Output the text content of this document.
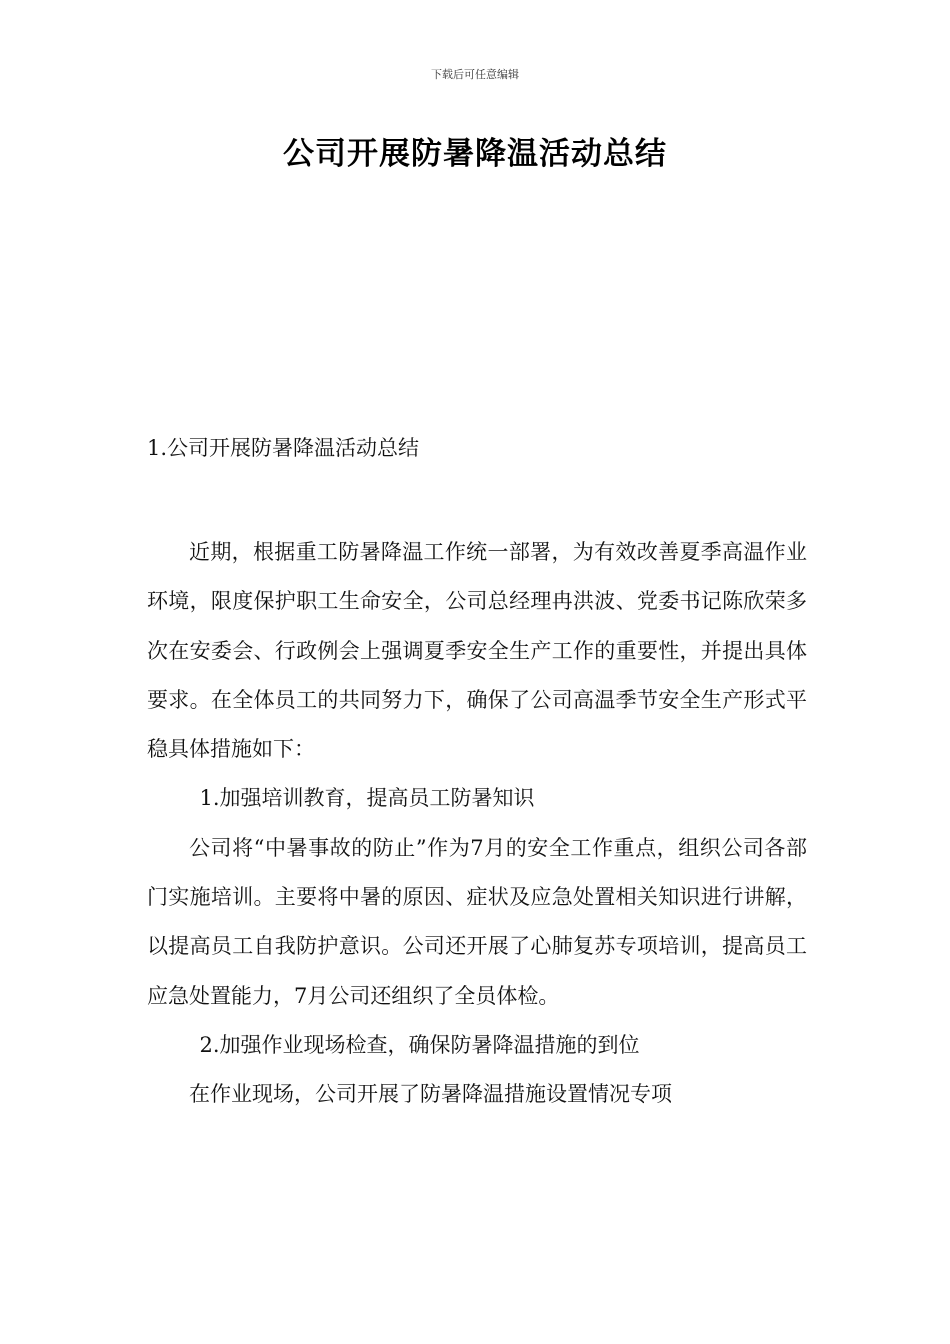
下载后可任意编辑
公司开展防暑降温活动总结
1.公司开展防暑降温活动总结

近期，根据重工防暑降温工作统一部署，为有效改善夏季高温作业环境，限度保护职工生命安全，公司总经理冉洪波、党委书记陈欣荣多次在安委会、行政例会上强调夏季安全生产工作的重要性，并提出具体要求。在全体员工的共同努力下，确保了公司高温季节安全生产形式平稳具体措施如下：

1.加强培训教育，提高员工防暑知识

公司将“中暑事故的防止”作为7月的安全工作重点，组织公司各部门实施培训。主要将中暑的原因、症状及应急处置相关知识进行讲解，以提高员工自我防护意识。公司还开展了心肺复苏专项培训，提高员工应急处置能力，7月公司还组织了全员体检。

2.加强作业现场检查，确保防暑降温措施的到位

在作业现场，公司开展了防暑降温措施设置情况专项
